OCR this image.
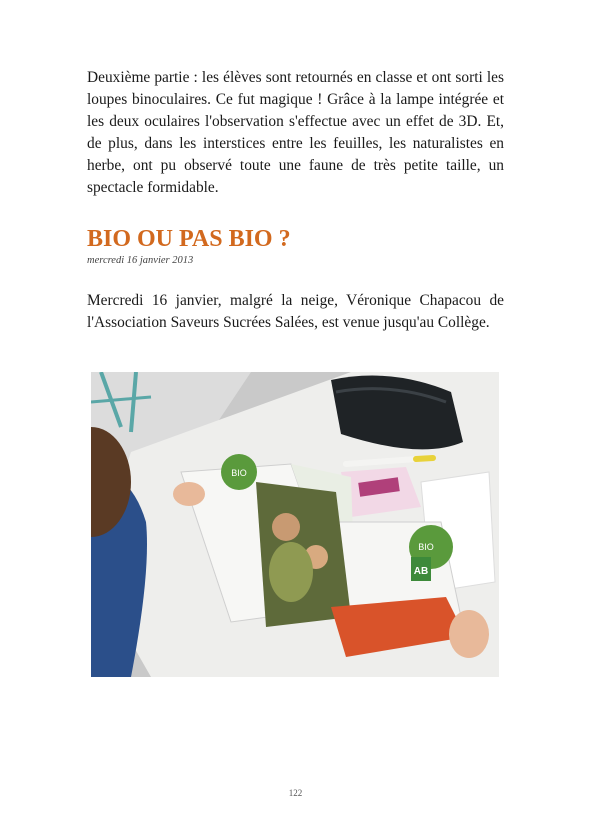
Deuxième partie : les élèves sont retournés en classe et ont sorti les loupes binoculaires. Ce fut magique ! Grâce à la lampe intégrée et les deux oculaires l'observation s'effectue avec un effet de 3D. Et, de plus, dans les interstices entre les feuilles, les naturalistes en herbe, ont pu observé toute une faune de très petite taille, un spectacle formidable.

BIO OU PAS BIO ?
mercredi 16 janvier 2013

Mercredi 16 janvier, malgré la neige, Véronique Chapacou de l'Association Saveurs Sucrées Salées, est venue jusqu'au Collège.

BIO
BIO
AB
122
